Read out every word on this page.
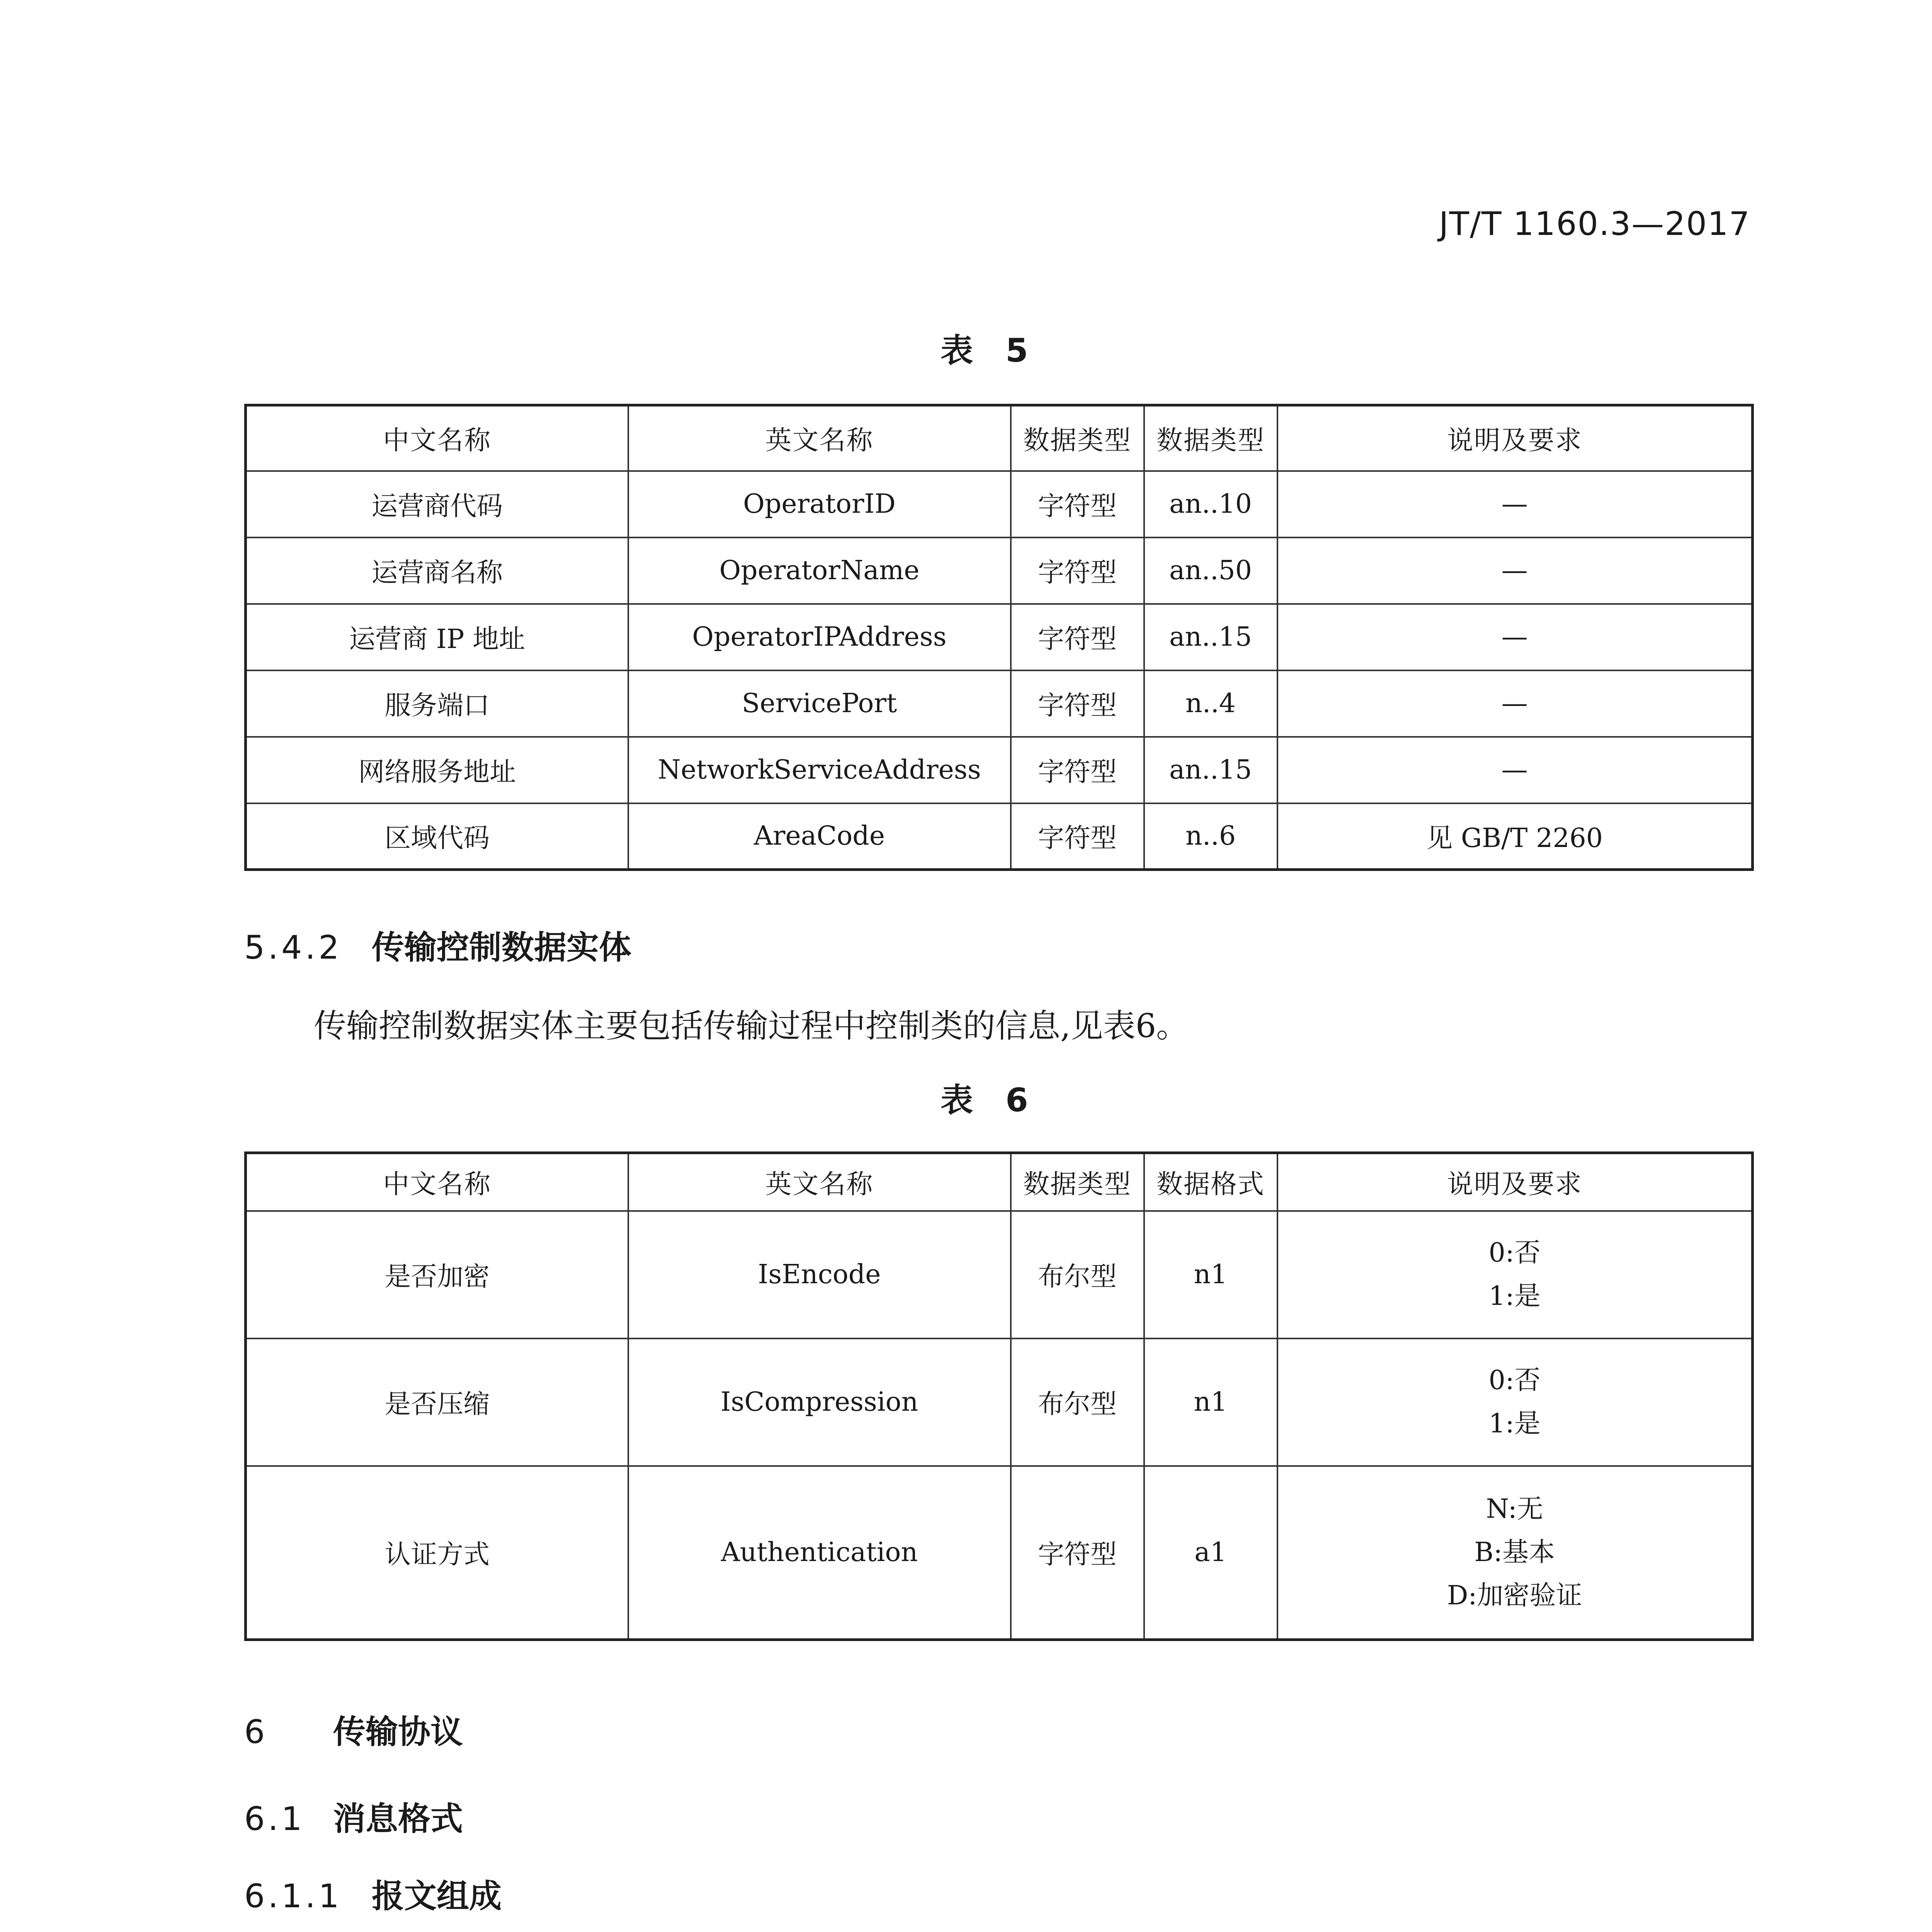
JT/T 1160.3—2017
表 5
中文名称	英文名称	数据类型	数据类型	说明及要求
运营商代码	OperatorID	字符型	an..10	—
运营商名称	OperatorName	字符型	an..50	—
运营商 IP 地址	OperatorIPAddress	字符型	an..15	—
服务端口	ServicePort	字符型	n..4	—
网络服务地址	NetworkServiceAddress	字符型	an..15	—
区域代码	AreaCode	字符型	n..6	见 GB/T 2260
5.4.2 传输控制数据实体
传输控制数据实体主要包括传输过程中控制类的信息,见表6。
表 6
中文名称	英文名称	数据类型	数据格式	说明及要求
是否加密	IsEncode	布尔型	n1	0:否
1:是

是否压缩	IsCompression	布尔型	n1	0:否
1:是

认证方式	Authentication	字符型	a1	N:无
B:基本
D:加密验证
6 传输协议
6.1 消息格式
6.1.1 报文组成
